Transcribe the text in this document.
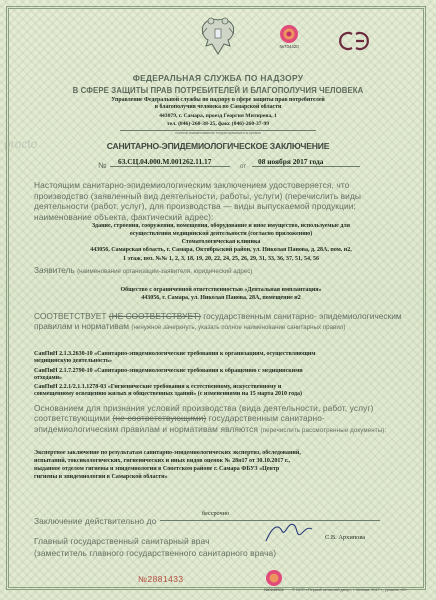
№704420
ФЕДЕРАЛЬНАЯ СЛУЖБА ПО НАДЗОРУ
В СФЕРЕ ЗАЩИТЫ ПРАВ ПОТРЕБИТЕЛЕЙ И БЛАГОПОЛУЧИЯ ЧЕЛОВЕКА
Управление Федеральной службы по надзору в сфере защиты прав потребителей
и благополучия человека по Самарской области
443079, г. Самара, проезд Георгия Митирева, 1
тел. (846)-260-38-25, факс (846)-260-37-99
полное наименование территориального органа
procto	САНИТАРНО-ЭПИДЕМИОЛОГИЧЕСКОЕ ЗАКЛЮЧЕНИЕ
№ 63.СЦ.04.000.М.001262.11.17
от
08 ноября 2017 года
Настоящим санитарно-эпидемиологическим заключением удостоверяется, что производство (заявленный вид деятельности, работы, услуги) (перечислить виды деятельности (работ, услуг), для производства — виды выпускаемой продукции; наименование объекта, фактический адрес):
Здание, строения, сооружения, помещения, оборудование и иное имущество, используемые для
осуществления медицинской деятельности (согласно приложению)
Стоматологическая клиника
443056, Самарская область, г. Самара, Октябрьский район, ул. Николая Панова, д. 28А, пом. н2,
1 этаж, поз. №№ 1, 2, 3, 18, 19, 20, 22, 24, 25, 26, 29, 31, 33, 36, 37, 51, 54, 56
Заявитель (наименование организации-заявителя, юридический адрес)
Общество с ограниченной ответственностью «Дентальная имплантация»
443056, г. Самара, ул. Николая Панова, 28А, помещение н2
СООТВЕТСТВУЕТ (НЕ СООТВЕТСТВУЕТ) государственным санитарно- эпидемиологическим правилам и нормативам (ненужное зачеркнуть, указать полное наименование санитарных правил)
СанПиН 2.1.3.2630-10 «Санитарно-эпидемиологические требования к организациям, осуществляющим
медицинскую деятельность»
СанПиН 2.1.7.2790-10 «Санитарно-эпидемиологические требования к обращению с медицинскими
отходами»
СанПиН 2.2.1/2.1.1.1278-03 «Гигиенические требования к естественному, искусственному и
совмещенному освещению жилых и общественных зданий» (с изменениями на 15 марта 2010 года)
Основанием для признания условий производства (вида деятельности, работ, услуг) соответствующими (не соответствующими) государственным санитарно- эпидемиологическим правилам и нормативам являются (перечислить рассмотренные документы):
Экспертное заключение по результатам санитарно-эпидемиологических экспертиз, обследований,
испытаний, токсикологических, гигиенических и иных видов оценок № 28н17 от 30.10.2017 г.,
выданное отделом гигиены и эпидемиологии в Советском районе г. Самара ФБУЗ «Центр
гигиены и эпидемиологии в Самарской области»
Заключение действительно до
бессрочно
Главный государственный санитарный врач
(заместитель главного государственного санитарного врача)
С.В. Архипова
№2881433
№0245301	© ООО «Первый печатный двор», г. Москва, 2017 г., уровень «Б»
